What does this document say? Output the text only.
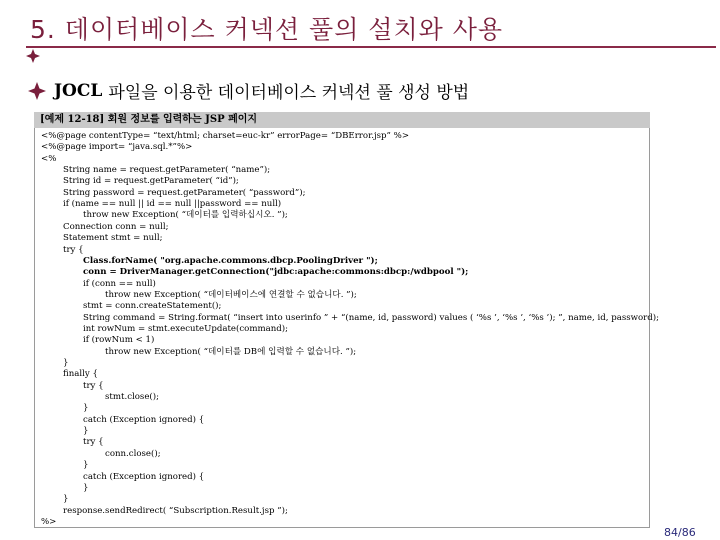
5. 데이터베이스 커넥션 풀의 설치와 사용
JOCL 파일을 이용한 데이터베이스 커넥션 풀 생성 방법
[예제 12-18] 회원 정보를 입력하는 JSP 페이지
<%@page contentType= “text/html; charset=euc-kr” errorPage= “DBError.jsp” %>
<%@page import= “java.sql.*”%>
<%
String name = request.getParameter( “name”);
String id = request.getParameter( “id”);
String password = request.getParameter( “password”);
if (name == null || id == null ||password == null)
throw new Exception( “데이터를 입력하십시오. ”);
Connection conn = null;
Statement stmt = null;
try {
Class.forName( "org.apache.commons.dbcp.PoolingDriver ");
conn = DriverManager.getConnection("jdbc:apache:commons:dbcp:/wdbpool ");
if (conn == null)
throw new Exception( “데이터베이스에 연결할 수 없습니다. ”);
stmt = conn.createStatement();
String command = String.format( “insert into userinfo ” + “(name, id, password) values ( ‘%s ’, ‘%s ’, ‘%s ’); ”, name, id, password);
int rowNum = stmt.executeUpdate(command);
if (rowNum < 1)
throw new Exception( “데이터를 DB에 입력할 수 없습니다. ”);
}
finally {
try {
stmt.close();
}
catch (Exception ignored) {
}
try {
conn.close();
}
catch (Exception ignored) {
}
}
response.sendRedirect( “Subscription.Result.jsp ”);
%>
84/86
